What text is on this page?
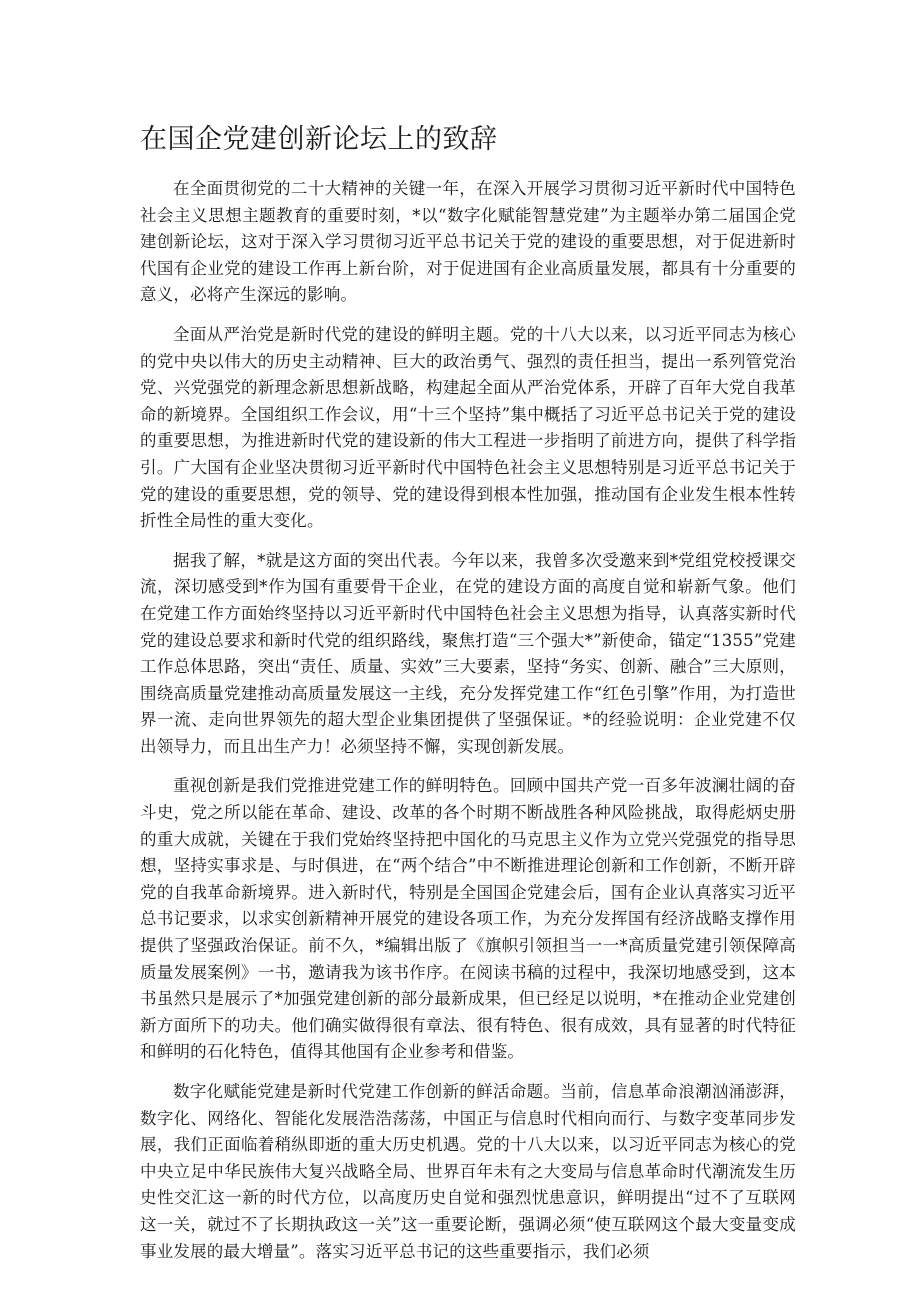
在国企党建创新论坛上的致辞

在全面贯彻党的二十大精神的关键一年，在深入开展学习贯彻习近平新时代中国特色社会主义思想主题教育的重要时刻，*以“数字化赋能智慧党建”为主题举办第二届国企党建创新论坛，这对于深入学习贯彻习近平总书记关于党的建设的重要思想，对于促进新时代国有企业党的建设工作再上新台阶，对于促进国有企业高质量发展，都具有十分重要的意义，必将产生深远的影响。

全面从严治党是新时代党的建设的鲜明主题。党的十八大以来，以习近平同志为核心的党中央以伟大的历史主动精神、巨大的政治勇气、强烈的责任担当，提出一系列管党治党、兴党强党的新理念新思想新战略，构建起全面从严治党体系，开辟了百年大党自我革命的新境界。全国组织工作会议，用“十三个坚持”集中概括了习近平总书记关于党的建设的重要思想，为推进新时代党的建设新的伟大工程进一步指明了前进方向，提供了科学指引。广大国有企业坚决贯彻习近平新时代中国特色社会主义思想特别是习近平总书记关于党的建设的重要思想，党的领导、党的建设得到根本性加强，推动国有企业发生根本性转折性全局性的重大变化。

据我了解，*就是这方面的突出代表。今年以来，我曾多次受邀来到*党组党校授课交流，深切感受到*作为国有重要骨干企业，在党的建设方面的高度自觉和崭新气象。他们在党建工作方面始终坚持以习近平新时代中国特色社会主义思想为指导，认真落实新时代党的建设总要求和新时代党的组织路线，聚焦打造“三个强大*”新使命，锚定“1355”党建工作总体思路，突出“责任、质量、实效”三大要素，坚持“务实、创新、融合”三大原则，围绕高质量党建推动高质量发展这一主线，充分发挥党建工作“红色引擎”作用，为打造世界一流、走向世界领先的超大型企业集团提供了坚强保证。*的经验说明：企业党建不仅出领导力，而且出生产力！必须坚持不懈，实现创新发展。

重视创新是我们党推进党建工作的鲜明特色。回顾中国共产党一百多年波澜壮阔的奋斗史，党之所以能在革命、建设、改革的各个时期不断战胜各种风险挑战，取得彪炳史册的重大成就，关键在于我们党始终坚持把中国化的马克思主义作为立党兴党强党的指导思想，坚持实事求是、与时俱进，在“两个结合”中不断推进理论创新和工作创新，不断开辟党的自我革命新境界。进入新时代，特别是全国国企党建会后，国有企业认真落实习近平总书记要求，以求实创新精神开展党的建设各项工作，为充分发挥国有经济战略支撑作用提供了坚强政治保证。前不久，*编辑出版了《旗帜引领担当一一*高质量党建引领保障高质量发展案例》一书，邀请我为该书作序。在阅读书稿的过程中，我深切地感受到，这本书虽然只是展示了*加强党建创新的部分最新成果，但已经足以说明，*在推动企业党建创新方面所下的功夫。他们确实做得很有章法、很有特色、很有成效，具有显著的时代特征和鲜明的石化特色，值得其他国有企业参考和借鉴。

数字化赋能党建是新时代党建工作创新的鲜活命题。当前，信息革命浪潮汹涌澎湃，数字化、网络化、智能化发展浩浩荡荡，中国正与信息时代相向而行、与数字变革同步发展，我们正面临着稍纵即逝的重大历史机遇。党的十八大以来，以习近平同志为核心的党中央立足中华民族伟大复兴战略全局、世界百年未有之大变局与信息革命时代潮流发生历史性交汇这一新的时代方位，以高度历史自觉和强烈忧患意识，鲜明提出“过不了互联网这一关，就过不了长期执政这一关”这一重要论断，强调必须“使互联网这个最大变量变成事业发展的最大增量”。落实习近平总书记的这些重要指示，我们必须
